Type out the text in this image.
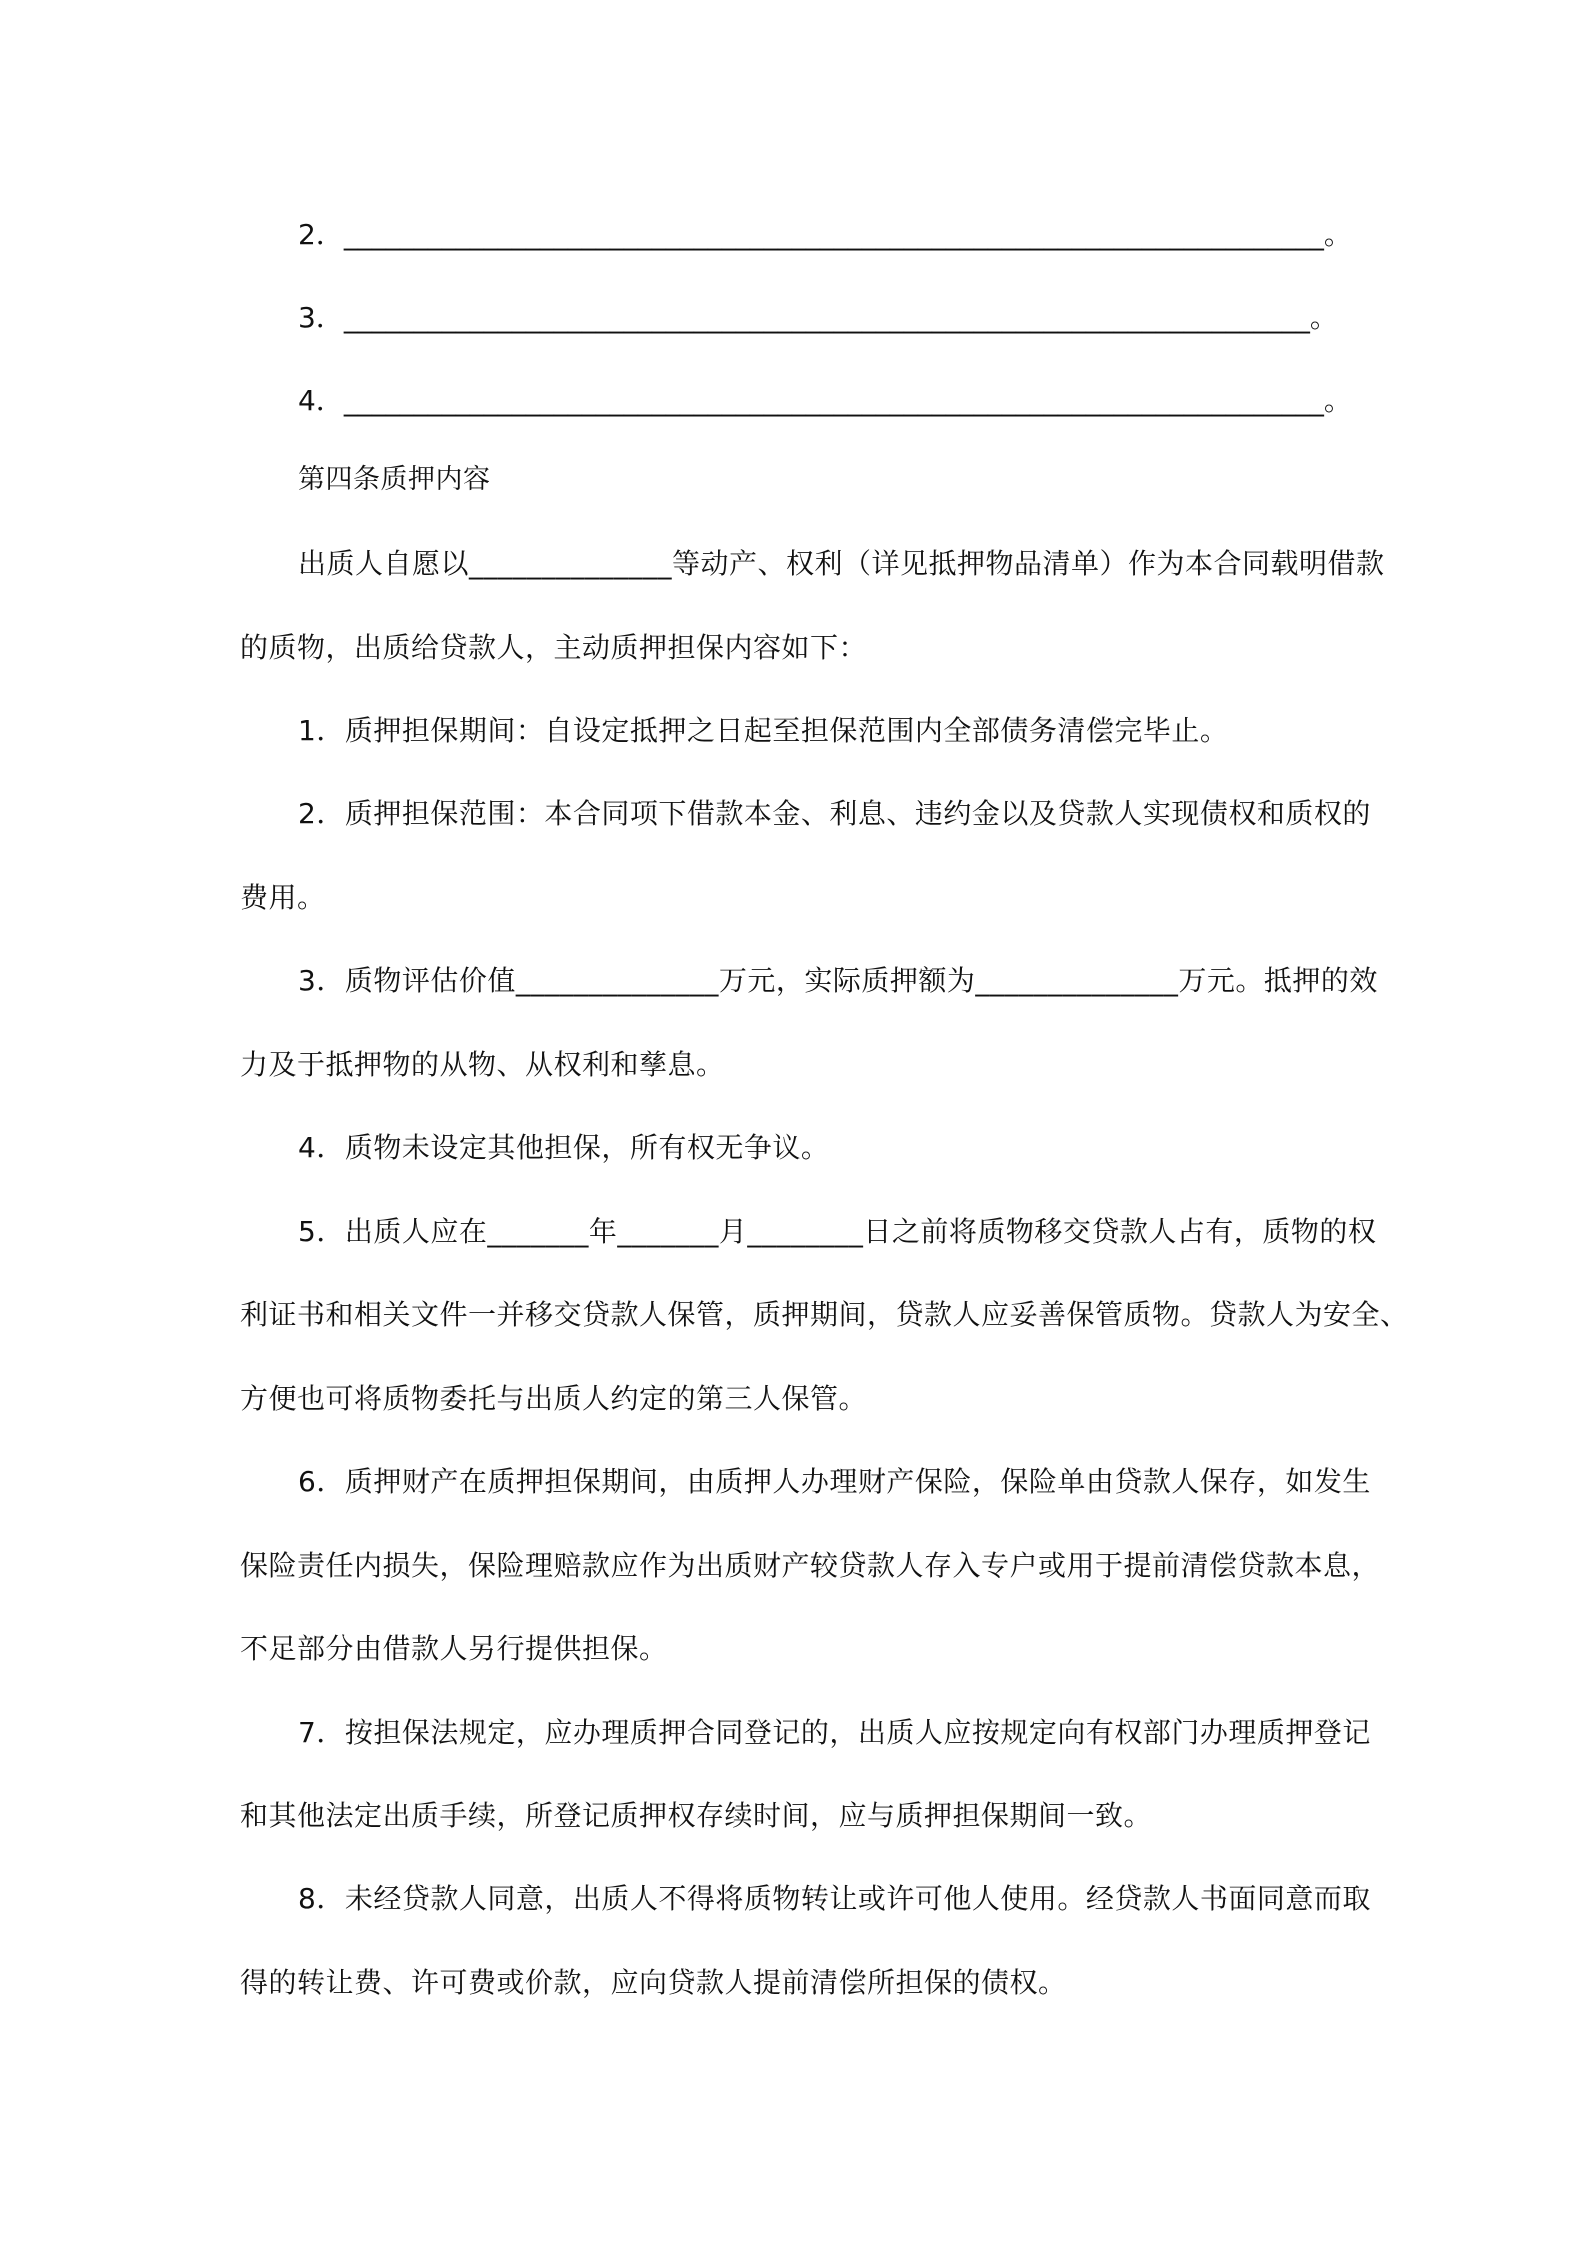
2．______________________________________________________________________。
3．_____________________________________________________________________。
4．______________________________________________________________________。
第四条质押内容
出质人自愿以______________等动产、权利（详见抵押物品清单）作为本合同载明借款
的质物，出质给贷款人，主动质押担保内容如下：
1．质押担保期间：自设定抵押之日起至担保范围内全部债务清偿完毕止。
2．质押担保范围：本合同项下借款本金、利息、违约金以及贷款人实现债权和质权的
费用。
3．质物评估价值______________万元，实际质押额为______________万元。抵押的效
力及于抵押物的从物、从权利和孳息。
4．质物未设定其他担保，所有权无争议。
5．出质人应在_______年_______月________日之前将质物移交贷款人占有，质物的权
利证书和相关文件一并移交贷款人保管，质押期间，贷款人应妥善保管质物。贷款人为安全、
方便也可将质物委托与出质人约定的第三人保管。
6．质押财产在质押担保期间，由质押人办理财产保险，保险单由贷款人保存，如发生
保险责任内损失，保险理赔款应作为出质财产较贷款人存入专户或用于提前清偿贷款本息，
不足部分由借款人另行提供担保。
7．按担保法规定，应办理质押合同登记的，出质人应按规定向有权部门办理质押登记
和其他法定出质手续，所登记质押权存续时间，应与质押担保期间一致。
8．未经贷款人同意，出质人不得将质物转让或许可他人使用。经贷款人书面同意而取
得的转让费、许可费或价款，应向贷款人提前清偿所担保的债权。
